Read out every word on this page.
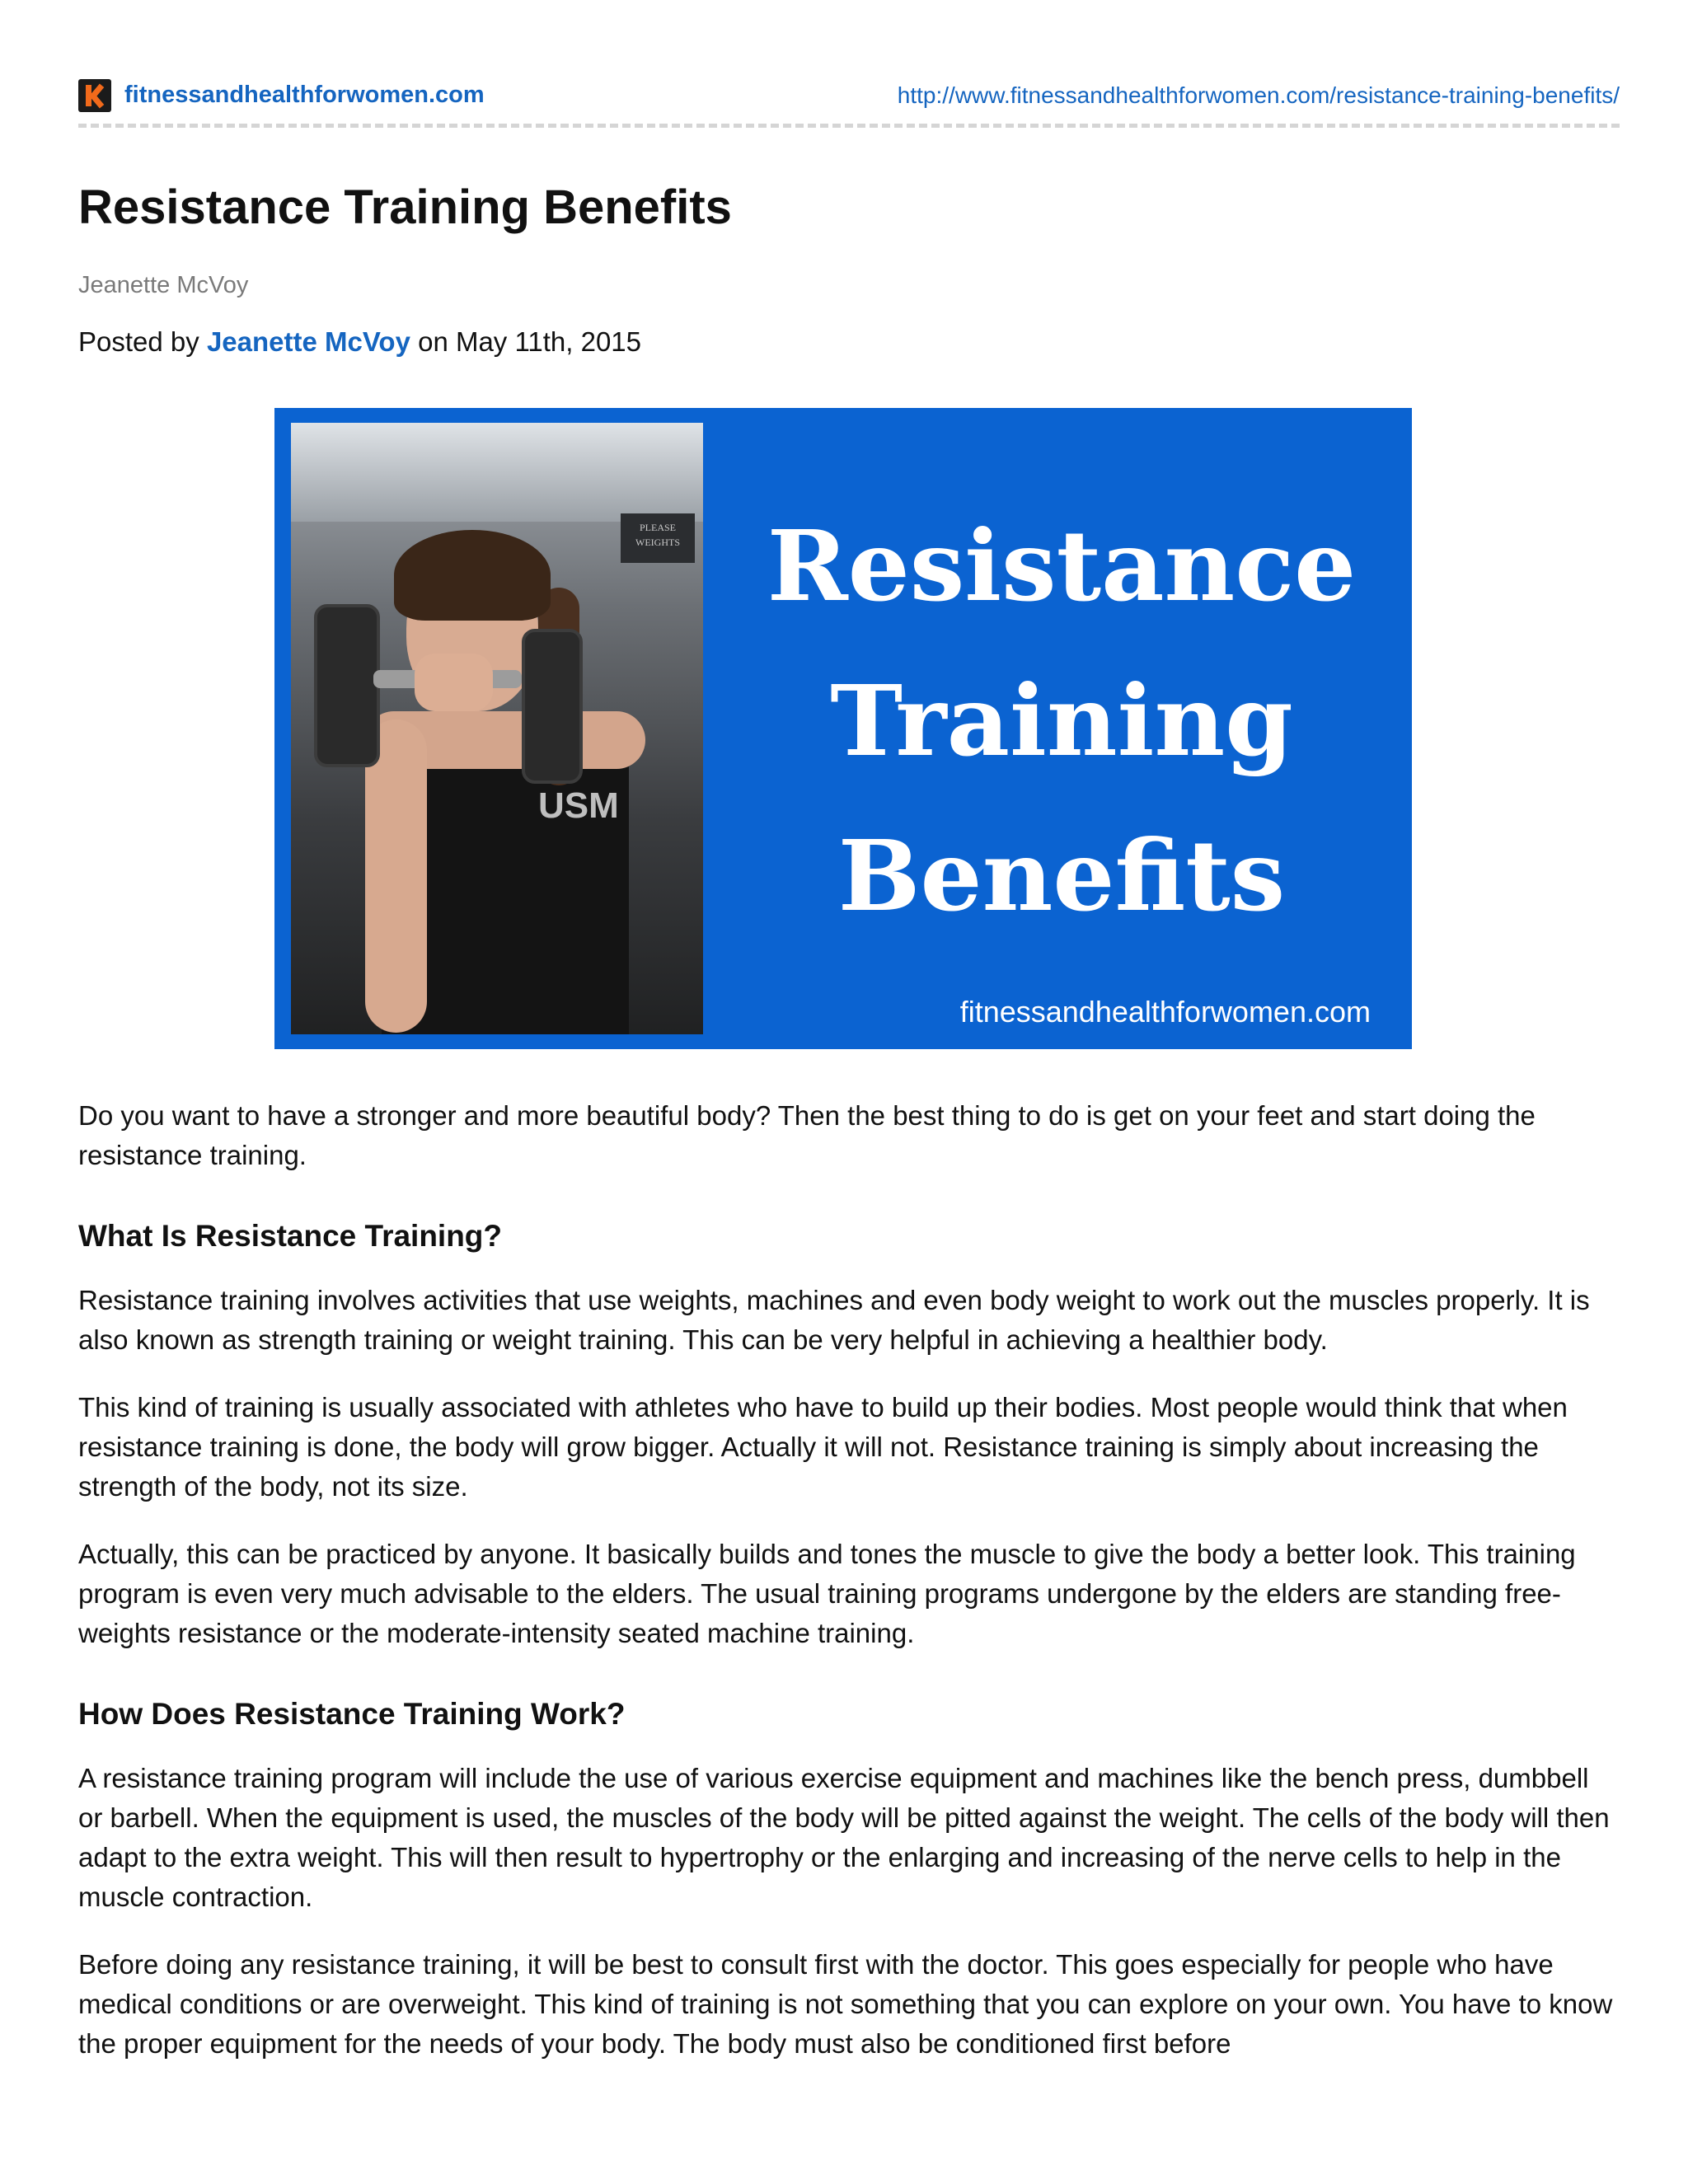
fitnessandhealthforwomen.com	http://www.fitnessandhealthforwomen.com/resistance-training-benefits/
Resistance Training Benefits
Jeanette McVoy
Posted by Jeanette McVoy on May 11th, 2015
PLEASE WEIGHTS
USM
Resistance
Training
Benefits
fitnessandhealthforwomen.com

Do you want to have a stronger and more beautiful body? Then the best thing to do is get on your feet and start doing the resistance training.

What Is Resistance Training?

Resistance training involves activities that use weights, machines and even body weight to work out the muscles properly. It is also known as strength training or weight training. This can be very helpful in achieving a healthier body.

This kind of training is usually associated with athletes who have to build up their bodies. Most people would think that when resistance training is done, the body will grow bigger. Actually it will not. Resistance training is simply about increasing the strength of the body, not its size.

Actually, this can be practiced by anyone. It basically builds and tones the muscle to give the body a better look. This training program is even very much advisable to the elders. The usual training programs undergone by the elders are standing free-weights resistance or the moderate-intensity seated machine training.

How Does Resistance Training Work?

A resistance training program will include the use of various exercise equipment and machines like the bench press, dumbbell or barbell. When the equipment is used, the muscles of the body will be pitted against the weight. The cells of the body will then adapt to the extra weight. This will then result to hypertrophy or the enlarging and increasing of the nerve cells to help in the muscle contraction.

Before doing any resistance training, it will be best to consult first with the doctor. This goes especially for people who have medical conditions or are overweight. This kind of training is not something that you can explore on your own. You have to know the proper equipment for the needs of your body. The body must also be conditioned first before
